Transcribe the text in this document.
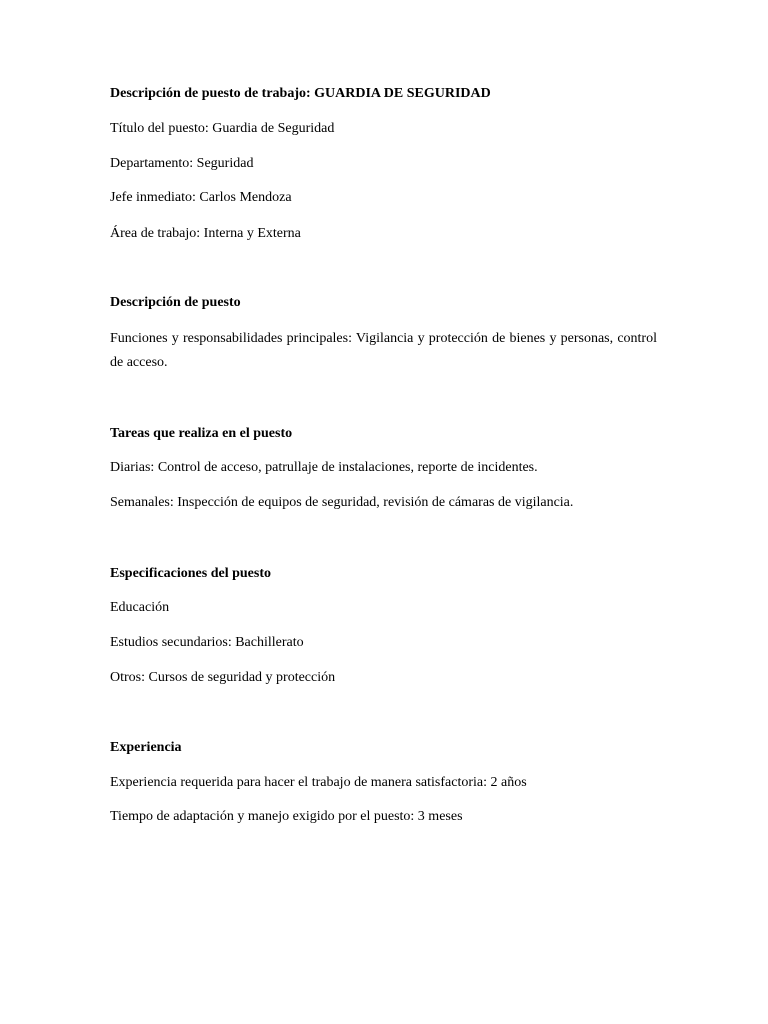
Descripción de puesto de trabajo: GUARDIA DE SEGURIDAD
Título del puesto: Guardia de Seguridad
Departamento: Seguridad
Jefe inmediato: Carlos Mendoza
Área de trabajo: Interna y Externa
Descripción de puesto
Funciones y responsabilidades principales: Vigilancia y protección de bienes y personas, control de acceso.
Tareas que realiza en el puesto
Diarias: Control de acceso, patrullaje de instalaciones, reporte de incidentes.
Semanales: Inspección de equipos de seguridad, revisión de cámaras de vigilancia.
Especificaciones del puesto
Educación
Estudios secundarios: Bachillerato
Otros: Cursos de seguridad y protección
Experiencia
Experiencia requerida para hacer el trabajo de manera satisfactoria: 2 años
Tiempo de adaptación y manejo exigido por el puesto: 3 meses
